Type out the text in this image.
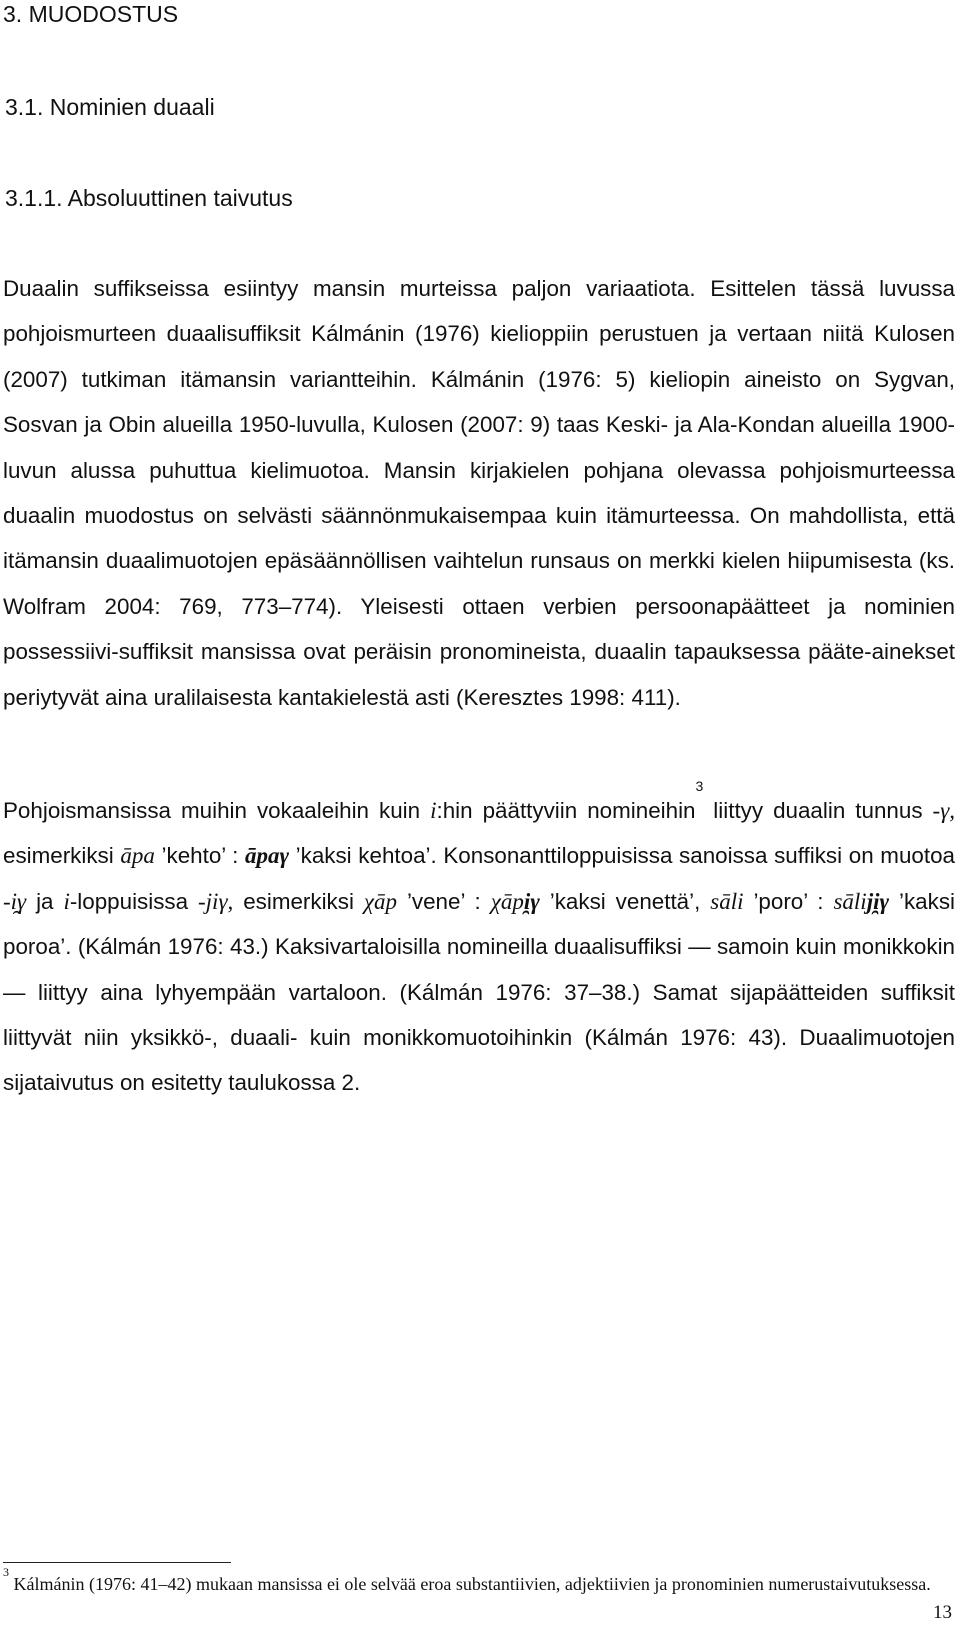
3. MUODOSTUS
3.1. Nominien duaali
3.1.1. Absoluuttinen taivutus

Duaalin suffikseissa esiintyy mansin murteissa paljon variaatiota. Esittelen tässä luvussa pohjoismurteen duaalisuffiksit Kálmánin (1976) kielioppiin perustuen ja vertaan niitä Kulosen (2007) tutkiman itämansin variantteihin. Kálmánin (1976: 5) kieliopin aineisto on Sygvan, Sosvan ja Obin alueilla 1950-luvulla, Kulosen (2007: 9) taas Keski- ja Ala-Kondan alueilla 1900-luvun alussa puhuttua kielimuotoa. Mansin kirjakielen pohjana olevassa pohjoismurteessa duaalin muodostus on selvästi säännönmukaisempaa kuin itämurteessa. On mahdollista, että itämansin duaalimuotojen epäsäännöllisen vaihtelun runsaus on merkki kielen hiipumisesta (ks. Wolfram 2004: 769, 773–774). Yleisesti ottaen verbien persoonapäätteet ja nominien possessiivi-suffiksit mansissa ovat peräisin pronomineista, duaalin tapauksessa pääte-ainekset periytyvät aina uralilaisesta kantakielestä asti (Keresztes 1998: 411).

Pohjoismansissa muihin vokaaleihin kuin i:hin päättyviin nomineihin$^3$ liittyy duaalin tunnus -γ, esimerkiksi āpa ’kehto’ : āpaγ ’kaksi kehtoa’. Konsonanttiloppuisissa sanoissa suffiksi on muotoa -i̯γ ja i-loppuisissa -jiγ, esimerkiksi χāp ’vene’ : χāpi̯γ ’kaksi venettä’, sāli ’poro’ : sāliji̯γ ’kaksi poroa’. (Kálmán 1976: 43.) Kaksivartaloisilla nomineilla duaalisuffiksi — samoin kuin monikkokin — liittyy aina lyhyempään vartaloon. (Kálmán 1976: 37–38.) Samat sijapäätteiden suffiksit liittyvät niin yksikkö-, duaali- kuin monikkomuotoihinkin (Kálmán 1976: 43). Duaalimuotojen sijataivutus on esitetty taulukossa 2.

$^3$ Kálmánin (1976: 41–42) mukaan mansissa ei ole selvää eroa substantiivien, adjektiivien ja pronominien numerustaivutuksessa.

13
